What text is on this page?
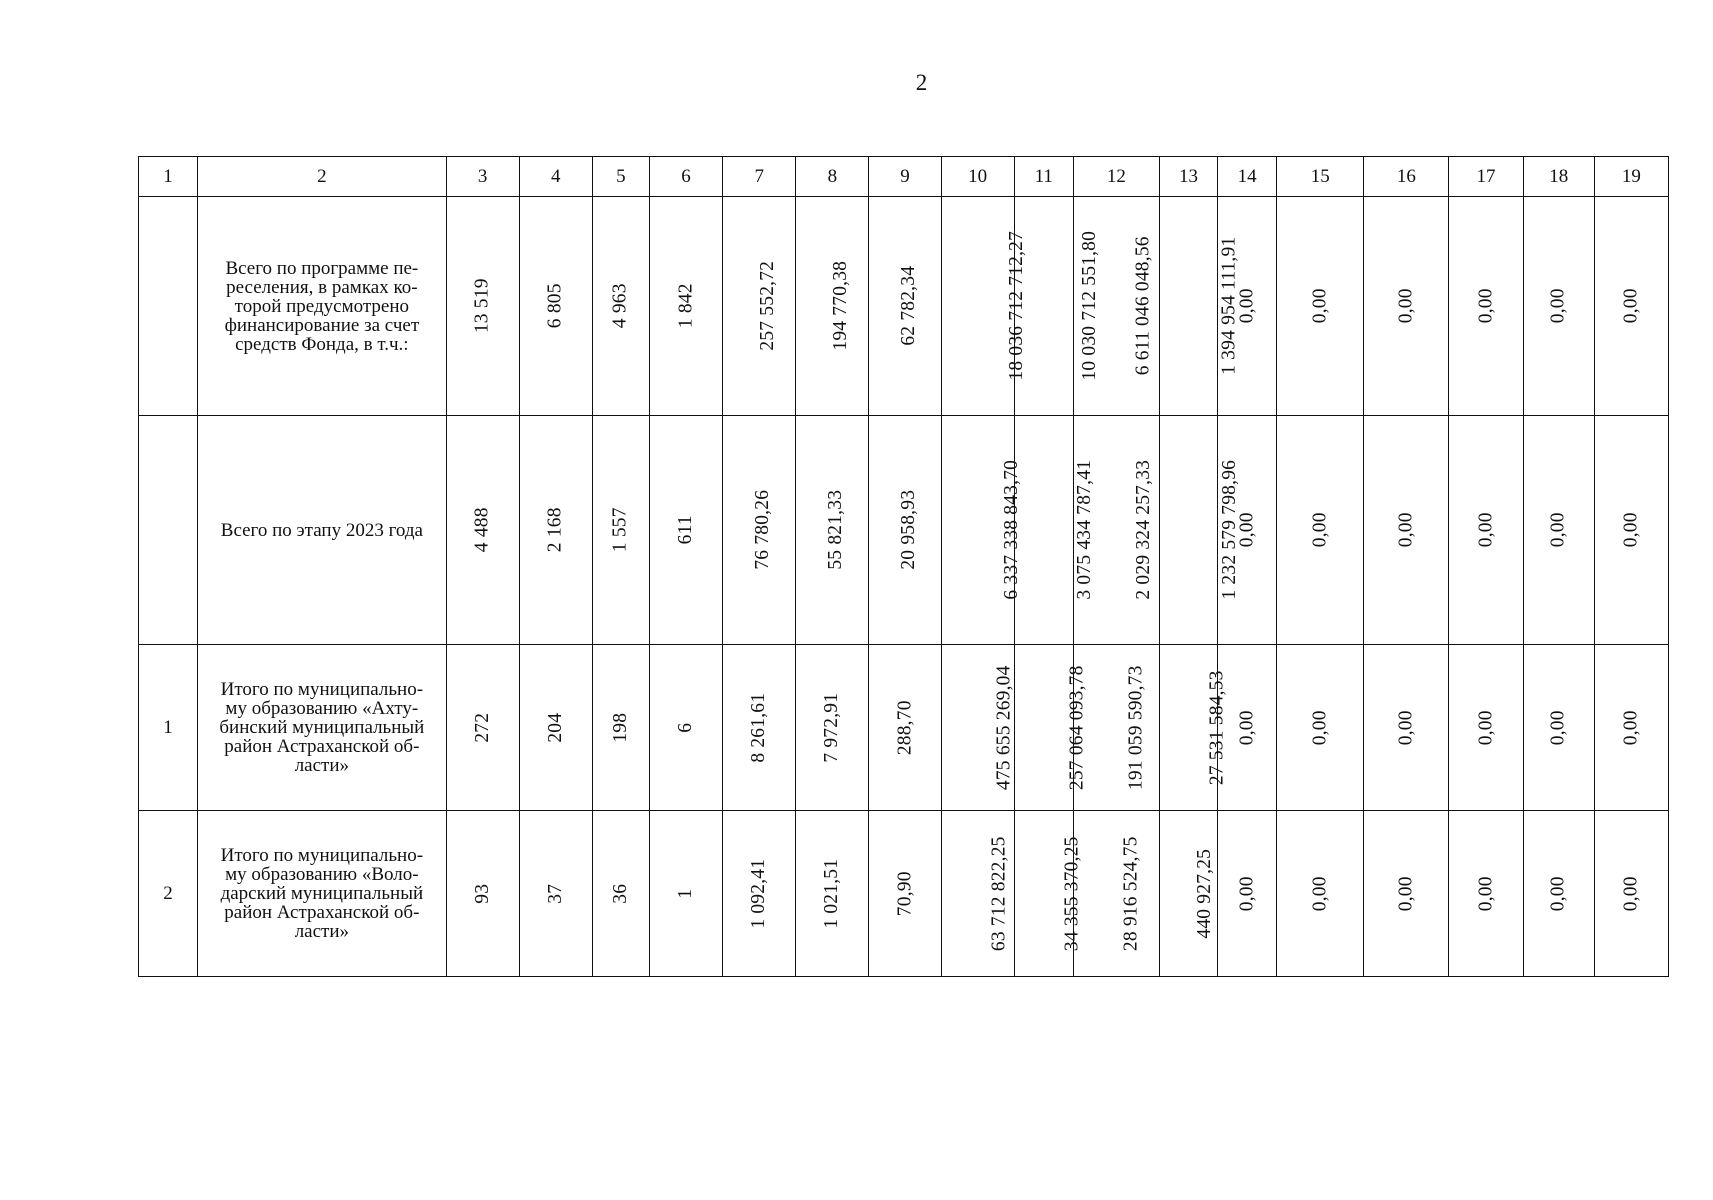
2
1	2	3	4	5	6	7	8	9	10	11	12	13	14	15	16	17	18	19
	Всего по программе пе-
реселения, в рамках ко-
торой предусмотрено
финансирование за счет
средств Фонда, в т.ч.:	13 519	6 805	4 963	1 842	257 552,72	194 770,38	62 782,34	18 036 712 712,27	10 030 712 551,80	6 611 046 048,56	1 394 954 111,91	0,00	0,00	0,00	0,00	0,00	0,00
	Всего по этапу 2023 года	4 488	2 168	1 557	611	76 780,26	55 821,33	20 958,93	6 337 338 843,70	3 075 434 787,41	2 029 324 257,33	1 232 579 798,96	0,00	0,00	0,00	0,00	0,00	0,00
1	Итого по муниципально-
му образованию «Ахту-
бинский муниципальный
район Астраханской об-
ласти»	272	204	198	6	8 261,61	7 972,91	288,70	475 655 269,04	257 064 093,78	191 059 590,73	27 531 584,53	0,00	0,00	0,00	0,00	0,00	0,00
2	Итого по муниципально-
му образованию «Воло-
дарский муниципальный
район Астраханской об-
ласти»	93	37	36	1	1 092,41	1 021,51	70,90	63 712 822,25	34 355 370,25	28 916 524,75	440 927,25	0,00	0,00	0,00	0,00	0,00	0,00
